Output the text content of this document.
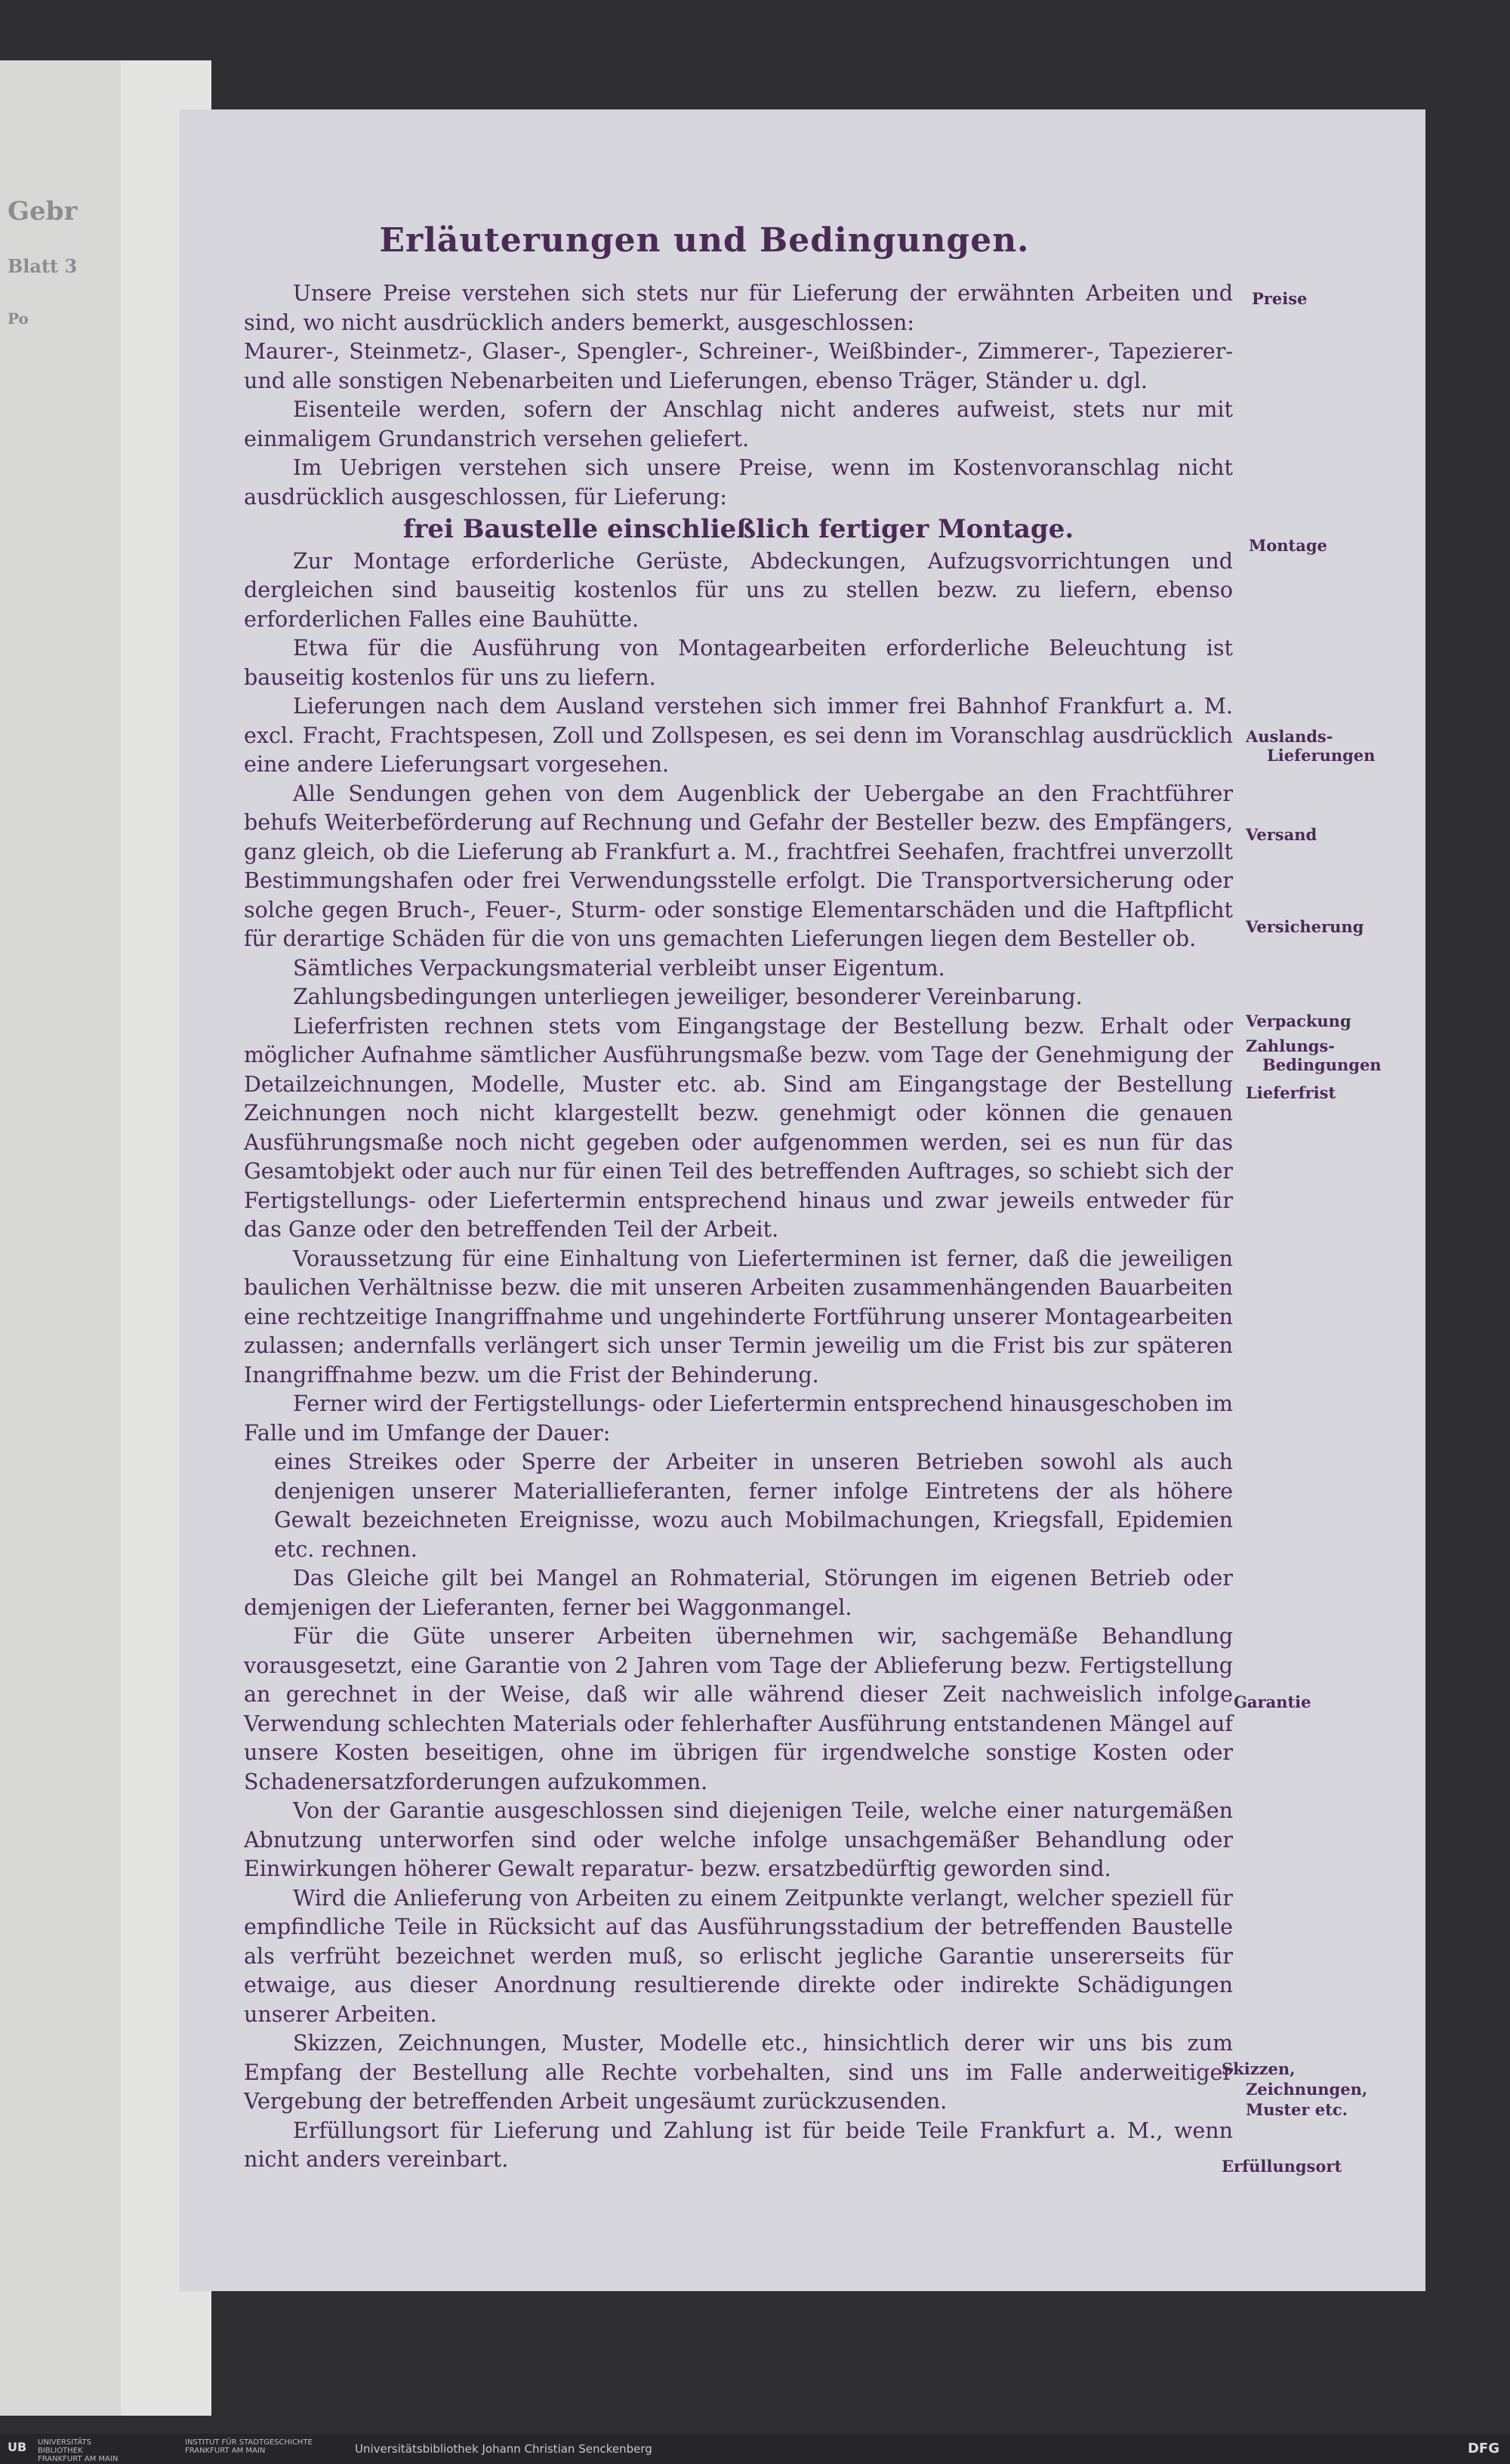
Gebr
Blatt 3
Po
Erläuterungen und Bedingungen.

Unsere Preise verstehen sich stets nur für Lieferung der erwähnten Arbeiten und sind, wo nicht ausdrücklich anders bemerkt, ausgeschlossen:

Maurer-, Steinmetz-, Glaser-, Spengler-, Schreiner-, Weißbinder-, Zimmerer-, Tapezierer- und alle sonstigen Nebenarbeiten und Lieferungen, ebenso Träger, Ständer u. dgl.

Eisenteile werden, sofern der Anschlag nicht anderes aufweist, stets nur mit einmaligem Grundanstrich versehen geliefert.

Im Uebrigen verstehen sich unsere Preise, wenn im Kostenvoranschlag nicht ausdrücklich ausgeschlossen, für Lieferung:

frei Baustelle einschließlich fertiger Montage.

Zur Montage erforderliche Gerüste, Abdeckungen, Aufzugsvorrichtungen und dergleichen sind bauseitig kostenlos für uns zu stellen bezw. zu liefern, ebenso erforderlichen Falles eine Bauhütte.

Etwa für die Ausführung von Montagearbeiten erforderliche Beleuchtung ist bauseitig kostenlos für uns zu liefern.

Lieferungen nach dem Ausland verstehen sich immer frei Bahnhof Frankfurt a. M. excl. Fracht, Frachtspesen, Zoll und Zollspesen, es sei denn im Voranschlag ausdrücklich eine andere Lieferungsart vorgesehen.

Alle Sendungen gehen von dem Augenblick der Uebergabe an den Frachtführer behufs Weiterbeförderung auf Rechnung und Gefahr der Besteller bezw. des Empfängers, ganz gleich, ob die Lieferung ab Frankfurt a. M., frachtfrei Seehafen, frachtfrei unverzollt Bestimmungshafen oder frei Verwendungsstelle erfolgt. Die Transportversicherung oder solche gegen Bruch-, Feuer-, Sturm- oder sonstige Elementarschäden und die Haftpflicht für derartige Schäden für die von uns gemachten Lieferungen liegen dem Besteller ob.

Sämtliches Verpackungsmaterial verbleibt unser Eigentum.

Zahlungsbedingungen unterliegen jeweiliger, besonderer Vereinbarung.

Lieferfristen rechnen stets vom Eingangstage der Bestellung bezw. Erhalt oder möglicher Aufnahme sämtlicher Ausführungsmaße bezw. vom Tage der Genehmigung der Detailzeichnungen, Modelle, Muster etc. ab. Sind am Eingangstage der Bestellung Zeichnungen noch nicht klargestellt bezw. genehmigt oder können die genauen Ausführungsmaße noch nicht gegeben oder aufgenommen werden, sei es nun für das Gesamtobjekt oder auch nur für einen Teil des betreffenden Auftrages, so schiebt sich der Fertigstellungs- oder Liefertermin entsprechend hinaus und zwar jeweils entweder für das Ganze oder den betreffenden Teil der Arbeit.

Voraussetzung für eine Einhaltung von Lieferterminen ist ferner, daß die jeweiligen baulichen Verhältnisse bezw. die mit unseren Arbeiten zusammenhängenden Bauarbeiten eine rechtzeitige Inangriffnahme und ungehinderte Fortführung unserer Montagearbeiten zulassen; andernfalls verlängert sich unser Termin jeweilig um die Frist bis zur späteren Inangriffnahme bezw. um die Frist der Behinderung.

Ferner wird der Fertigstellungs- oder Liefertermin entsprechend hinausgeschoben im Falle und im Umfange der Dauer:

eines Streikes oder Sperre der Arbeiter in unseren Betrieben sowohl als auch denjenigen unserer Materiallieferanten, ferner infolge Eintretens der als höhere Gewalt bezeichneten Ereignisse, wozu auch Mobilmachungen, Kriegsfall, Epidemien etc. rechnen.

Das Gleiche gilt bei Mangel an Rohmaterial, Störungen im eigenen Betrieb oder demjenigen der Lieferanten, ferner bei Waggonmangel.

Für die Güte unserer Arbeiten übernehmen wir, sachgemäße Behandlung vorausgesetzt, eine Garantie von 2 Jahren vom Tage der Ablieferung bezw. Fertigstellung an gerechnet in der Weise, daß wir alle während dieser Zeit nachweislich infolge Verwendung schlechten Materials oder fehlerhafter Ausführung entstandenen Mängel auf unsere Kosten beseitigen, ohne im übrigen für irgendwelche sonstige Kosten oder Schadenersatzforderungen aufzukommen.

Von der Garantie ausgeschlossen sind diejenigen Teile, welche einer naturgemäßen Abnutzung unterworfen sind oder welche infolge unsachgemäßer Behandlung oder Einwirkungen höherer Gewalt reparatur- bezw. ersatzbedürftig geworden sind.

Wird die Anlieferung von Arbeiten zu einem Zeitpunkte verlangt, welcher speziell für empfindliche Teile in Rücksicht auf das Ausführungsstadium der betreffenden Baustelle als verfrüht bezeichnet werden muß, so erlischt jegliche Garantie unsererseits für etwaige, aus dieser Anordnung resultierende direkte oder indirekte Schädigungen unserer Arbeiten.

Skizzen, Zeichnungen, Muster, Modelle etc., hinsichtlich derer wir uns bis zum Empfang der Bestellung alle Rechte vorbehalten, sind uns im Falle anderweitiger Vergebung der betreffenden Arbeit ungesäumt zurückzusenden.

Erfüllungsort für Lieferung und Zahlung ist für beide Teile Frankfurt a. M., wenn nicht anders vereinbart.

Preise
Montage
Auslands-
Lieferungen
Versand
Versicherung
Verpackung
Zahlungs-
Bedingungen
Lieferfrist
Garantie
Skizzen,
Zeichnungen,
Muster etc.
Erfüllungsort
UB UNIVERSITÄTS BIBLIOTHEK FRANKFURT AM MAIN
INSTITUT FÜR STADTGESCHICHTE FRANKFURT AM MAIN	Universitätsbibliothek Johann Christian Senckenberg	DFG
